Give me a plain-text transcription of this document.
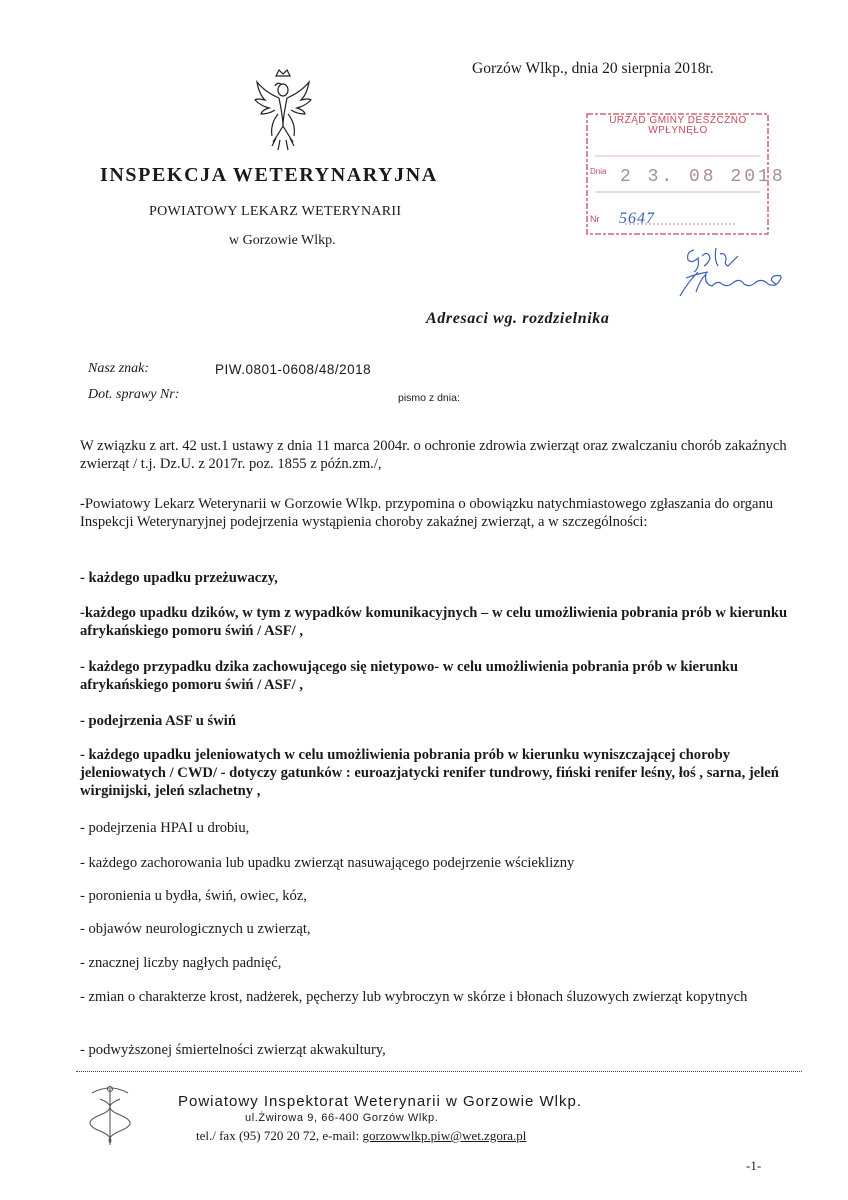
Gorzów Wlkp., dnia 20 sierpnia 2018r.
INSPEKCJA WETERYNARYJNA
POWIATOWY LEKARZ WETERYNARII
w Gorzowie Wlkp.
URZĄD GMINY DESZCZNO
WPŁYNĘŁO
Dnia 2 3. 08 2018
Nr 5647
Adresaci wg. rozdzielnika
Nasz znak:	PIW.0801-0608/48/2018
Dot. sprawy Nr:	pismo z dnia:
W związku z art. 42 ust.1 ustawy z dnia 11 marca 2004r. o ochronie zdrowia zwierząt oraz zwalczaniu chorób zakaźnych zwierząt / t.j. Dz.U. z 2017r. poz. 1855 z późn.zm./,
-Powiatowy Lekarz Weterynarii w Gorzowie Wlkp. przypomina o obowiązku natychmiastowego zgłaszania do organu Inspekcji Weterynaryjnej podejrzenia wystąpienia choroby zakaźnej zwierząt, a w szczególności:
- każdego upadku przeżuwaczy,
-każdego upadku dzików, w tym z wypadków komunikacyjnych – w celu umożliwienia pobrania prób w kierunku afrykańskiego pomoru świń / ASF/ ,
- każdego przypadku dzika zachowującego się nietypowo- w celu umożliwienia pobrania prób w kierunku afrykańskiego pomoru świń / ASF/ ,
- podejrzenia ASF u świń
- każdego upadku jeleniowatych w celu umożliwienia pobrania prób w kierunku wyniszczającej choroby jeleniowatych / CWD/ - dotyczy gatunków : euroazjatycki renifer tundrowy, fiński renifer leśny, łoś , sarna, jeleń wirginijski, jeleń szlachetny ,
- podejrzenia HPAI u drobiu,
- każdego zachorowania lub upadku zwierząt nasuwającego podejrzenie wścieklizny
- poronienia u bydła, świń, owiec, kóz,
- objawów neurologicznych u zwierząt,
- znacznej liczby nagłych padnięć,
- zmian o charakterze krost, nadżerek, pęcherzy lub wybroczyn w skórze i błonach śluzowych zwierząt kopytnych
- podwyższonej śmiertelności zwierząt akwakultury,
Powiatowy Inspektorat Weterynarii w Gorzowie Wlkp.
ul.Żwirowa 9, 66-400 Gorzów Wlkp.
tel./ fax (95) 720 20 72, e-mail: gorzowwlkp.piw@wet.zgora.pl
-1-
